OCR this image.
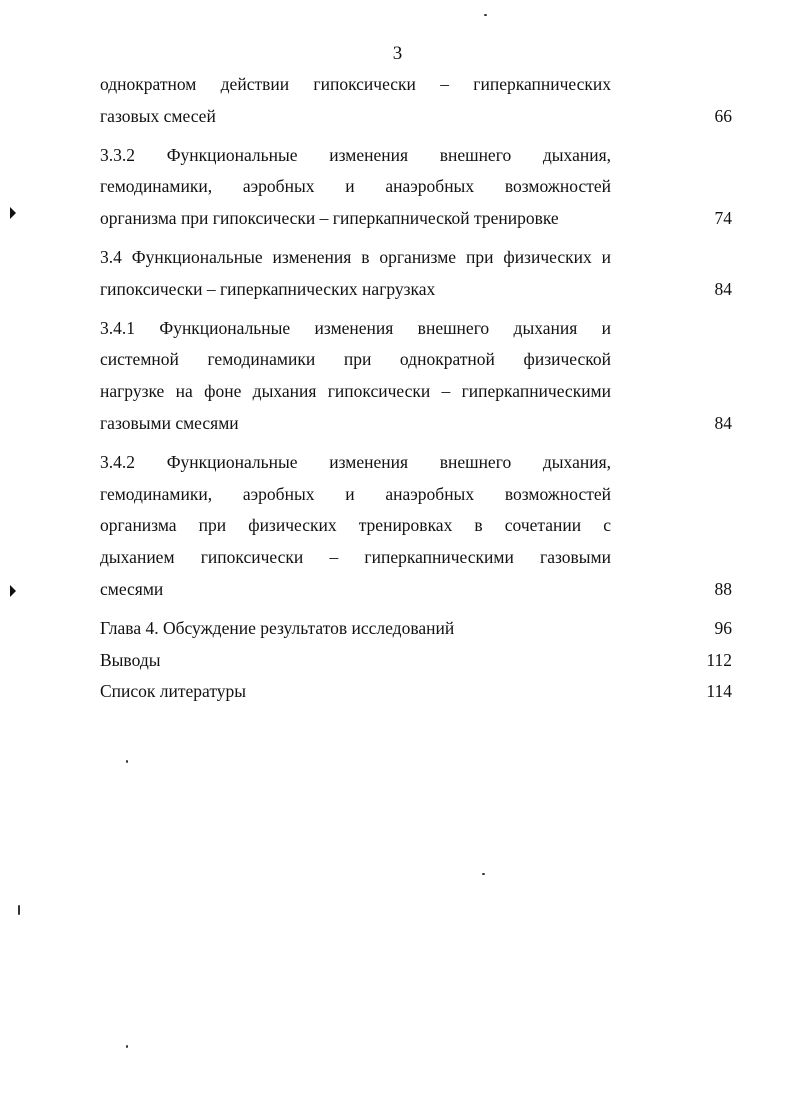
3
однократном действии гипоксически – гиперкапнических
газовых смесей	66
3.3.2 Функциональные изменения внешнего дыхания,
гемодинамики, аэробных и анаэробных возможностей
организма при гипоксически – гиперкапнической тренировке	74
3.4 Функциональные изменения в организме при физических и
гипоксически – гиперкапнических нагрузках	84
3.4.1 Функциональные изменения внешнего дыхания и
системной гемодинамики при однократной физической
нагрузке на фоне дыхания гипоксически – гиперкапническими
газовыми смесями	84
3.4.2 Функциональные изменения внешнего дыхания,
гемодинамики, аэробных и анаэробных возможностей
организма при физических тренировках в сочетании с
дыханием гипоксически – гиперкапническими газовыми
смесями	88
Глава 4. Обсуждение результатов исследований	96
Выводы	112
Список литературы	114
